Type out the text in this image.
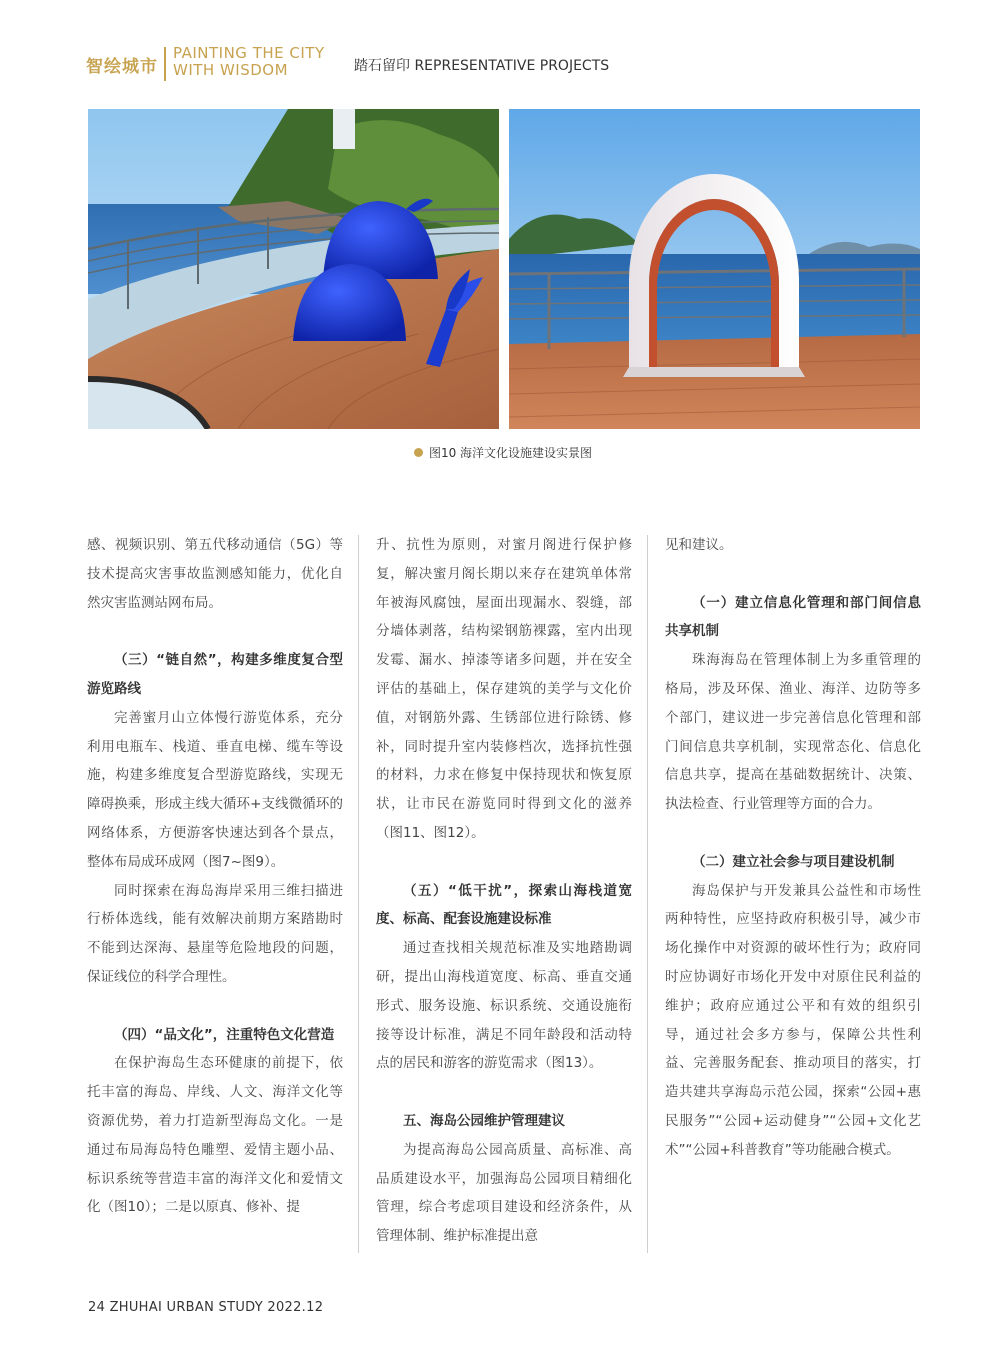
智绘城市
PAINTING THE CITY
WITH WISDOM	踏石留印 REPRESENTATIVE PROJECTS
图10 海洋文化设施建设实景图

感、视频识别、第五代移动通信（5G）等技术提高灾害事故监测感知能力，优化自然灾害监测站网布局。

（三）“链自然”，构建多维度复合型游览路线

完善蜜月山立体慢行游览体系，充分利用电瓶车、栈道、垂直电梯、缆车等设施，构建多维度复合型游览路线，实现无障碍换乘，形成主线大循环+支线微循环的网络体系，方便游客快速达到各个景点，整体布局成环成网（图7~图9）。

同时探索在海岛海岸采用三维扫描进行桥体选线，能有效解决前期方案踏勘时不能到达深海、悬崖等危险地段的问题，保证线位的科学合理性。

（四）“品文化”，注重特色文化营造

在保护海岛生态环健康的前提下，依托丰富的海岛、岸线、人文、海洋文化等资源优势，着力打造新型海岛文化。一是通过布局海岛特色雕塑、爱情主题小品、标识系统等营造丰富的海洋文化和爱情文化（图10）；二是以原真、修补、提

升、抗性为原则，对蜜月阁进行保护修复，解决蜜月阁长期以来存在建筑单体常年被海风腐蚀，屋面出现漏水、裂缝，部分墙体剥落，结构梁钢筋裸露，室内出现发霉、漏水、掉漆等诸多问题，并在安全评估的基础上，保存建筑的美学与文化价值，对钢筋外露、生锈部位进行除锈、修补，同时提升室内装修档次，选择抗性强的材料，力求在修复中保持现状和恢复原状，让市民在游览同时得到文化的滋养（图11、图12）。

（五）“低干扰”，探索山海栈道宽度、标高、配套设施建设标准

通过查找相关规范标准及实地踏勘调研，提出山海栈道宽度、标高、垂直交通形式、服务设施、标识系统、交通设施衔接等设计标准，满足不同年龄段和活动特点的居民和游客的游览需求（图13）。

五、海岛公园维护管理建议

为提高海岛公园高质量、高标准、高品质建设水平，加强海岛公园项目精细化管理，综合考虑项目建设和经济条件，从管理体制、维护标准提出意

见和建议。

（一）建立信息化管理和部门间信息共享机制

珠海海岛在管理体制上为多重管理的格局，涉及环保、渔业、海洋、边防等多个部门，建议进一步完善信息化管理和部门间信息共享机制，实现常态化、信息化信息共享，提高在基础数据统计、决策、执法检查、行业管理等方面的合力。

（二）建立社会参与项目建设机制

海岛保护与开发兼具公益性和市场性两种特性，应坚持政府积极引导，减少市场化操作中对资源的破坏性行为；政府同时应协调好市场化开发中对原住民利益的维护；政府应通过公平和有效的组织引导，通过社会多方参与，保障公共性利益、完善服务配套、推动项目的落实，打造共建共享海岛示范公园，探索“公园+惠民服务”“公园+运动健身”“公园+文化艺术”“公园+科普教育”等功能融合模式。

24 ZHUHAI URBAN STUDY 2022.12
